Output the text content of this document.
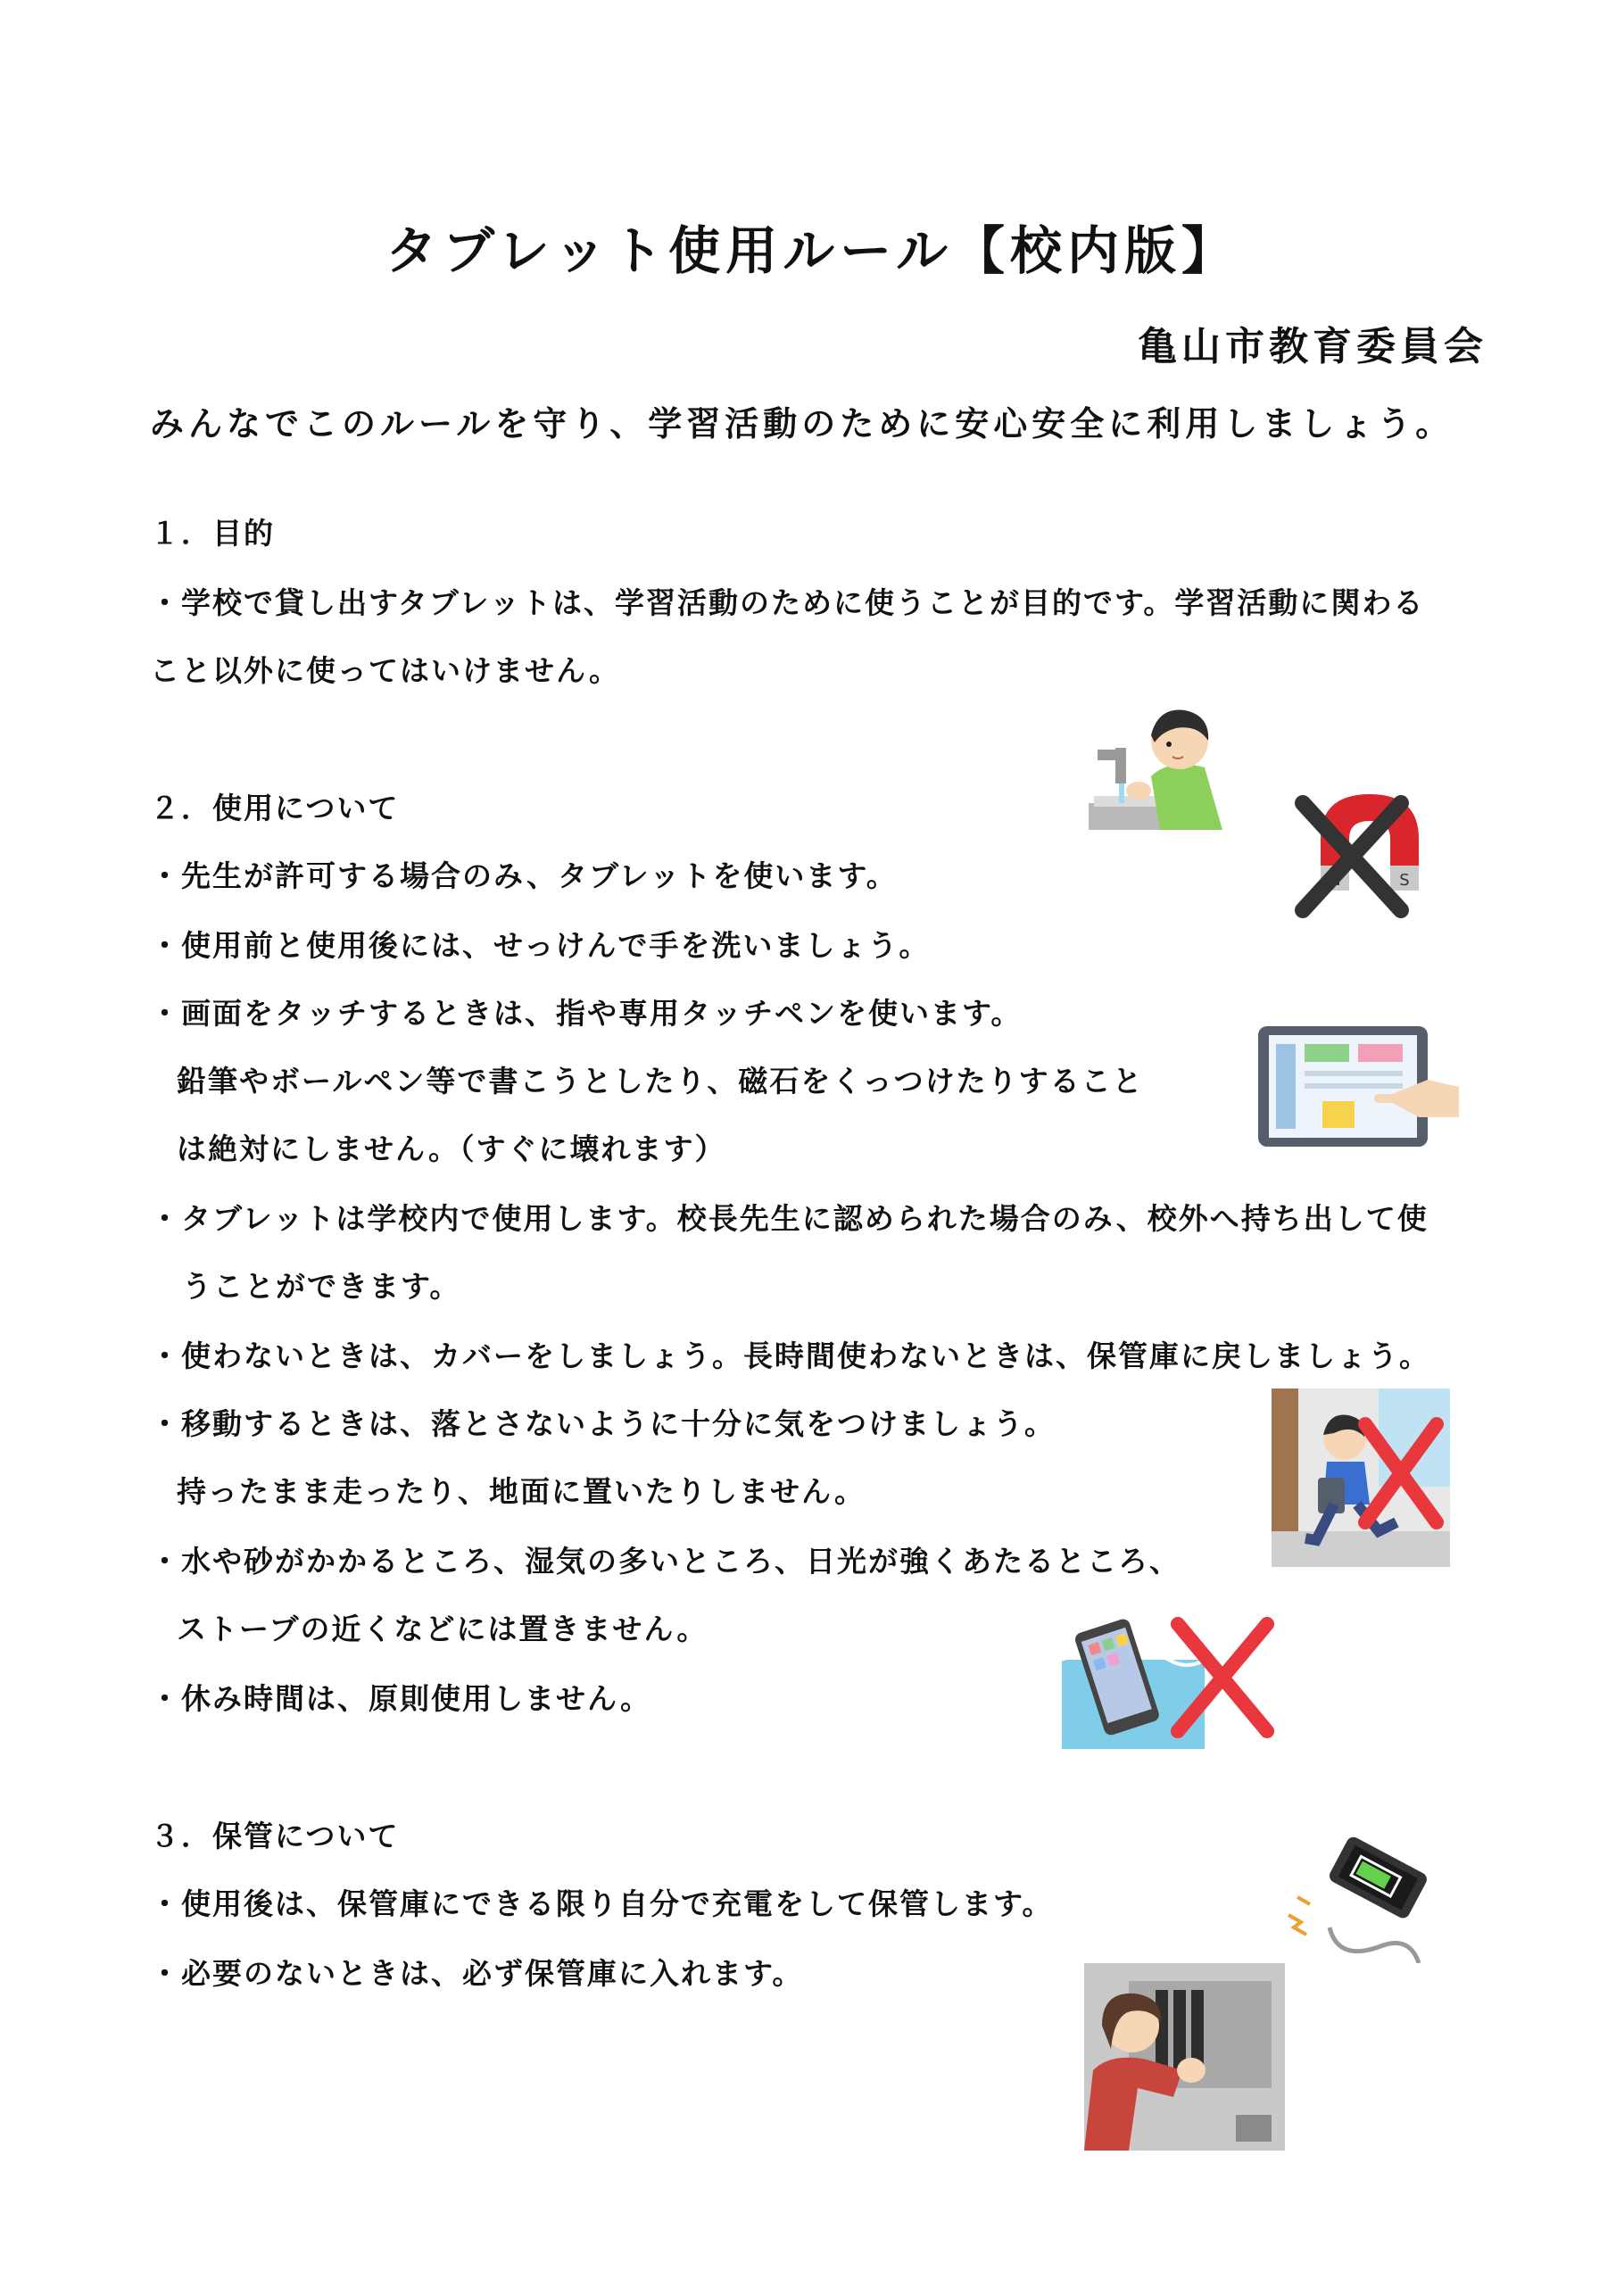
タブレット使用ルール【校内版】
亀山市教育委員会
みんなでこのルールを守り、学習活動のために安心安全に利用しましょう。
１．目的
・学校で貸し出すタブレットは、学習活動のために使うことが目的です。学習活動に関わる
こと以外に使ってはいけません。
２．使用について
・先生が許可する場合のみ、タブレットを使います。
・使用前と使用後には、せっけんで手を洗いましょう。
・画面をタッチするときは、指や専用タッチペンを使います。
鉛筆やボールペン等で書こうとしたり、磁石をくっつけたりすること
は絶対にしません。（すぐに壊れます）
・タブレットは学校内で使用します。校長先生に認められた場合のみ、校外へ持ち出して使
うことができます。
・使わないときは、カバーをしましょう。長時間使わないときは、保管庫に戻しましょう。
・移動するときは、落とさないように十分に気をつけましょう。
持ったまま走ったり、地面に置いたりしません。
・水や砂がかかるところ、湿気の多いところ、日光が強くあたるところ、
ストーブの近くなどには置きません。
・休み時間は、原則使用しません。
３．保管について
・使用後は、保管庫にできる限り自分で充電をして保管します。
・必要のないときは、必ず保管庫に入れます。
S
